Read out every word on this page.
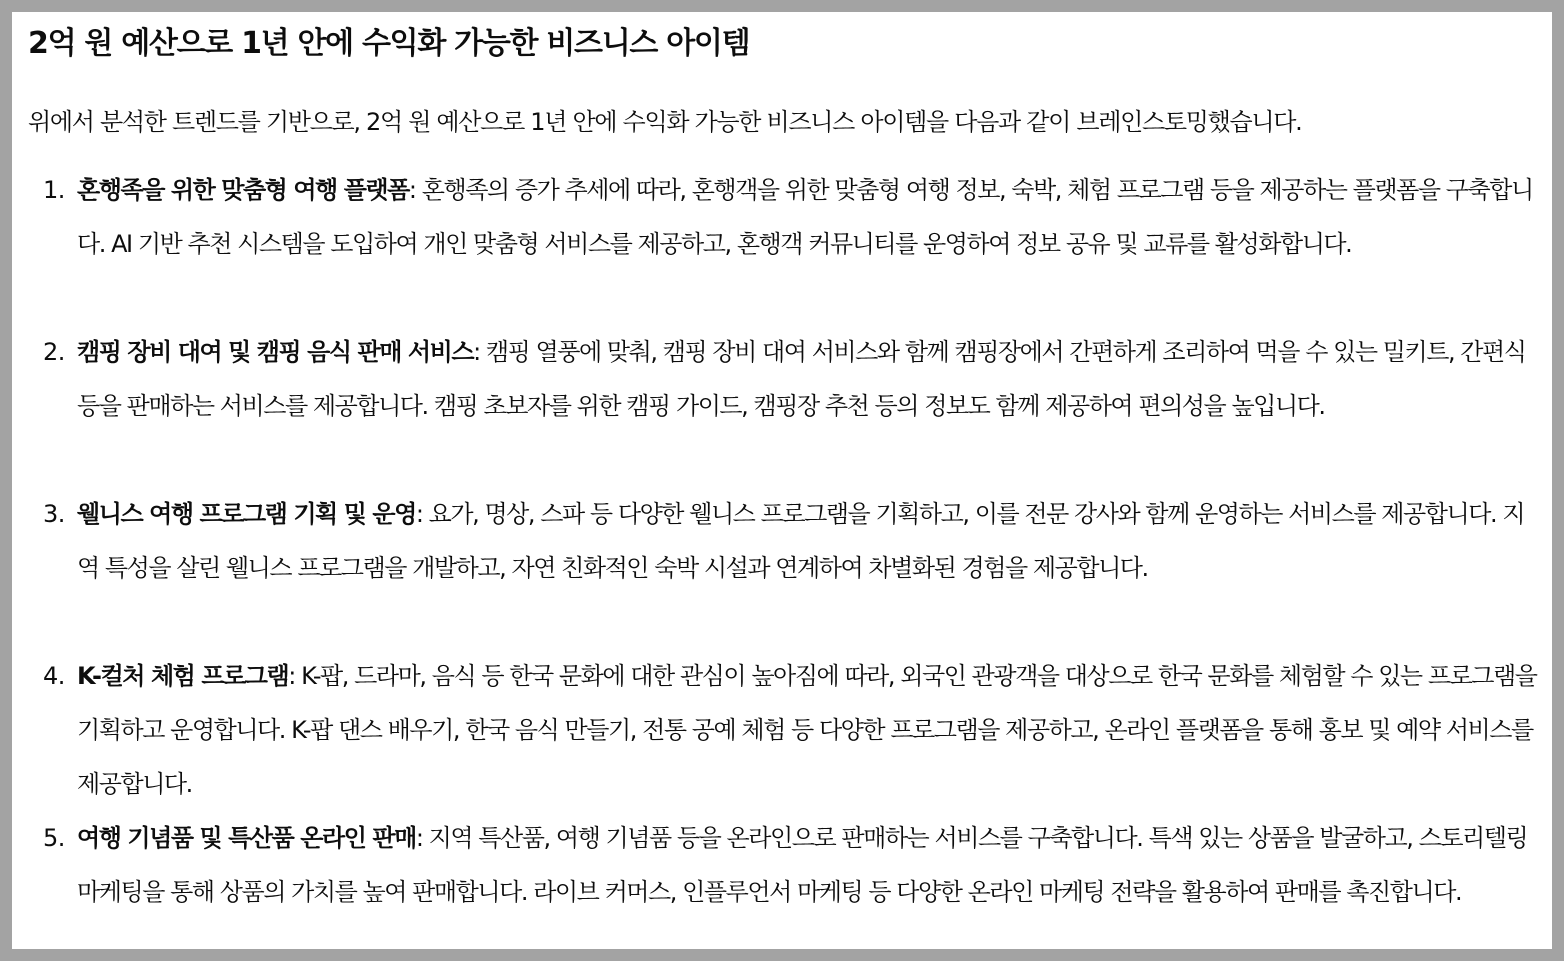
2억 원 예산으로 1년 안에 수익화 가능한 비즈니스 아이템

위에서 분석한 트렌드를 기반으로, 2억 원 예산으로 1년 안에 수익화 가능한 비즈니스 아이템을 다음과 같이 브레인스토밍했습니다.

1. 혼행족을 위한 맞춤형 여행 플랫폼: 혼행족의 증가 추세에 따라, 혼행객을 위한 맞춤형 여행 정보, 숙박, 체험 프로그램 등을 제공하는 플랫폼을 구축합니다. AI 기반 추천 시스템을 도입하여 개인 맞춤형 서비스를 제공하고, 혼행객 커뮤니티를 운영하여 정보 공유 및 교류를 활성화합니다.
2. 캠핑 장비 대여 및 캠핑 음식 판매 서비스: 캠핑 열풍에 맞춰, 캠핑 장비 대여 서비스와 함께 캠핑장에서 간편하게 조리하여 먹을 수 있는 밀키트, 간편식 등을 판매하는 서비스를 제공합니다. 캠핑 초보자를 위한 캠핑 가이드, 캠핑장 추천 등의 정보도 함께 제공하여 편의성을 높입니다.
3. 웰니스 여행 프로그램 기획 및 운영: 요가, 명상, 스파 등 다양한 웰니스 프로그램을 기획하고, 이를 전문 강사와 함께 운영하는 서비스를 제공합니다. 지역 특성을 살린 웰니스 프로그램을 개발하고, 자연 친화적인 숙박 시설과 연계하여 차별화된 경험을 제공합니다.
4. K-컬처 체험 프로그램: K-팝, 드라마, 음식 등 한국 문화에 대한 관심이 높아짐에 따라, 외국인 관광객을 대상으로 한국 문화를 체험할 수 있는 프로그램을 기획하고 운영합니다. K-팝 댄스 배우기, 한국 음식 만들기, 전통 공예 체험 등 다양한 프로그램을 제공하고, 온라인 플랫폼을 통해 홍보 및 예약 서비스를 제공합니다.
5. 여행 기념품 및 특산품 온라인 판매: 지역 특산품, 여행 기념품 등을 온라인으로 판매하는 서비스를 구축합니다. 특색 있는 상품을 발굴하고, 스토리텔링 마케팅을 통해 상품의 가치를 높여 판매합니다. 라이브 커머스, 인플루언서 마케팅 등 다양한 온라인 마케팅 전략을 활용하여 판매를 촉진합니다.
